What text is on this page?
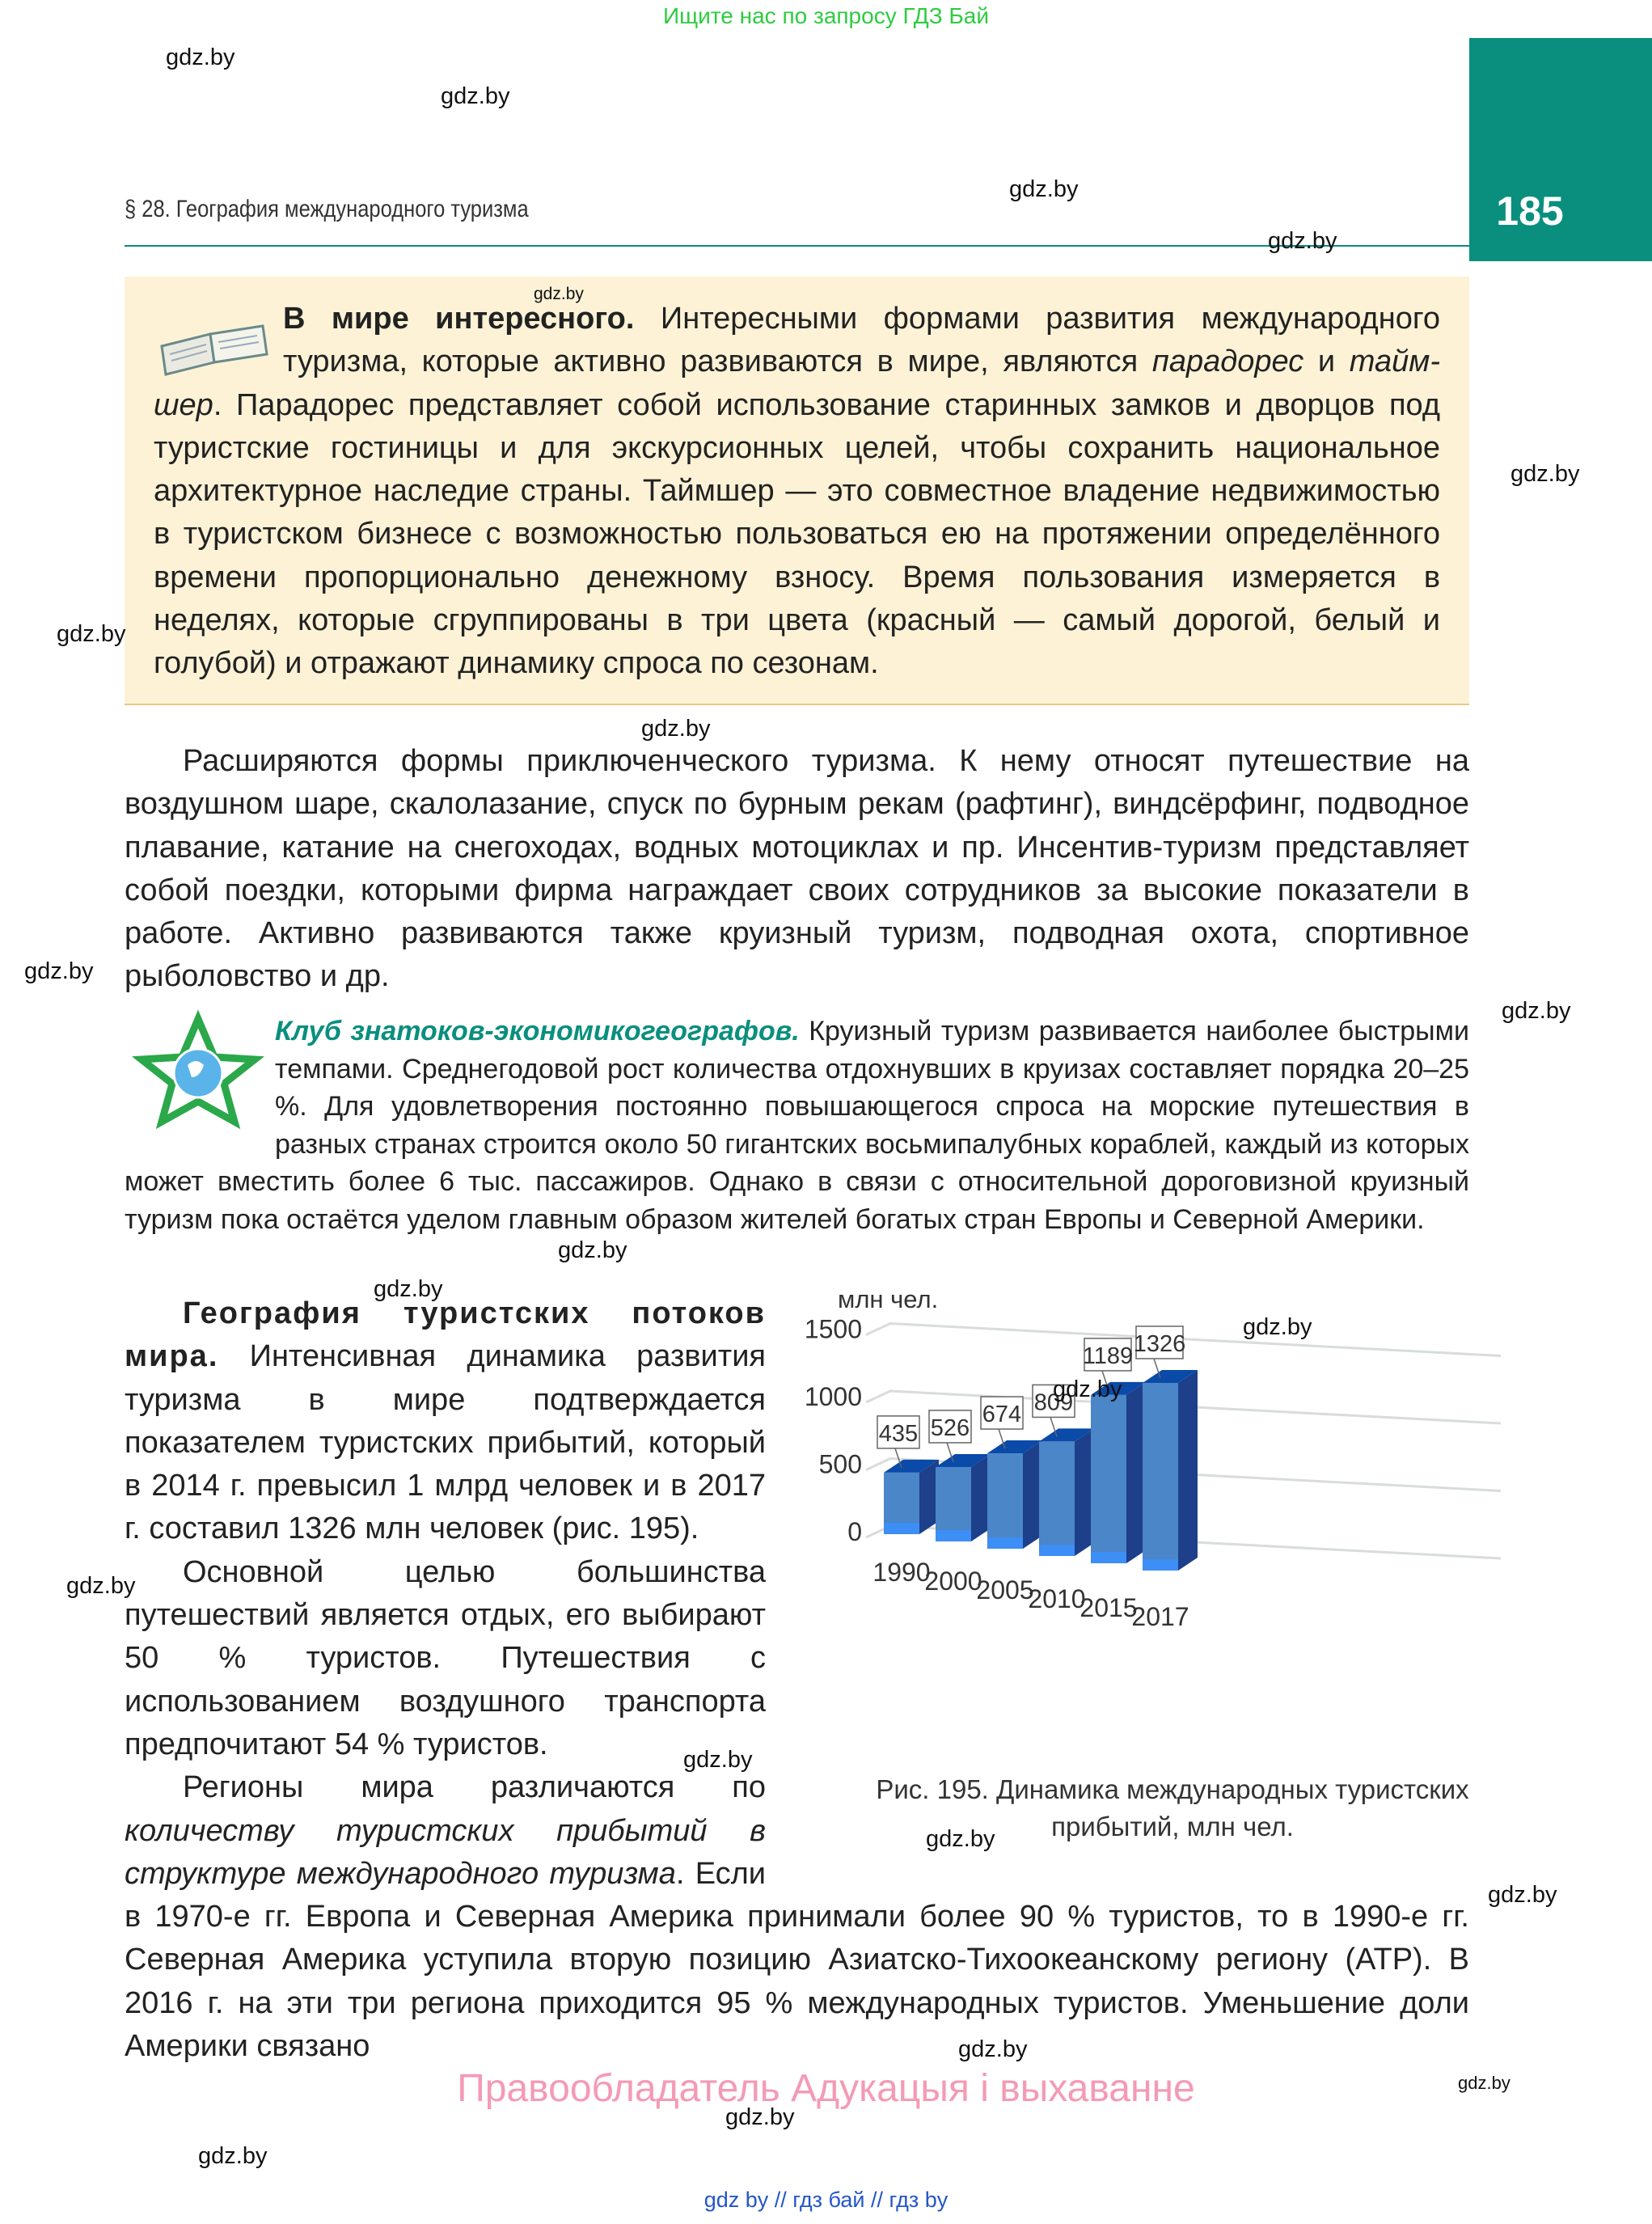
Ищите нас по запросу ГДЗ Бай
185
§ 28. География международного туризма
В мире интересного. Интересными формами развития международного туризма, которые активно развиваются в мире, являются парадорес и тайм-шер. Парадорес представляет собой использование старинных замков и дворцов под туристские гостиницы и для экскурсионных целей, чтобы сохранить национальное архитектурное наследие страны. Таймшер — это совместное владение недвижимостью в туристском бизнесе с возможностью пользоваться ею на протяжении определённого времени пропорционально денежному взносу. Время пользования измеряется в неделях, которые сгруппированы в три цвета (красный — самый дорогой, белый и голубой) и отражают динамику спроса по сезонам.
Расширяются формы приключенческого туризма. К нему относят путешествие на воздушном шаре, скалолазание, спуск по бурным рекам (рафтинг), виндсёрфинг, подводное плавание, катание на снегоходах, водных мотоциклах и пр. Инсентив-туризм представляет собой поездки, которыми фирма награждает своих сотрудников за высокие показатели в работе. Активно развиваются также круизный туризм, подводная охота, спортивное рыболовство и др.
Клуб знатоков-экономикогеографов. Круизный туризм развивается наиболее быстрыми темпами. Среднегодовой рост количества отдохнувших в круизах составляет порядка 20–25 %. Для удовлетворения постоянно повышающегося спроса на морские путешествия в разных странах строится около 50 гигантских восьмипалубных кораблей, каждый из которых может вместить более 6 тыс. пассажиров. Однако в связи с относительной дороговизной круизный туризм пока остаётся уделом главным образом жителей богатых стран Европы и Северной Америки.
География туристских потоков мира. Интенсивная динамика развития туризма в мире подтверждается показателем туристских прибытий, который в 2014 г. превысил 1 млрд человек и в 2017 г. составил 1326 млн человек (рис. 195).
Основной целью большинства путешествий является отдых, его выбирают 50 % туристов. Путешествия с использованием воздушного транспорта предпочитают 54 % туристов.
Регионы мира различаются по количеству туристских прибытий в структуре международного туризма. Если в 1970-е гг. Европа и Северная Америка принимали более 90 % туристов, то в 1990-е гг. Северная Америка уступила вторую позицию Азиатско-Тихоокеанскому региону (АТР). В 2016 г. на эти три региона приходится 95 % международных туристов. Уменьшение доли Америки связано
млн чел.
0
500
1000
1500
435
1990
526
2000
674
2005
809
2010
1189
2015
1326
2017
Рис. 195. Динамика международных туристских прибытий, млн чел.
Правообладатель Адукацыя і выхаванне
gdz by // гдз бай // гдз by
gdz.by
gdz.by
gdz.by
gdz.by
gdz.by
gdz.by
gdz.by
gdz.by
gdz.by
gdz.by
gdz.by
gdz.by
gdz.by
gdz.by
gdz.by
gdz.by
gdz.by
gdz.by
gdz.by
gdz.by
gdz.by
gdz.by
